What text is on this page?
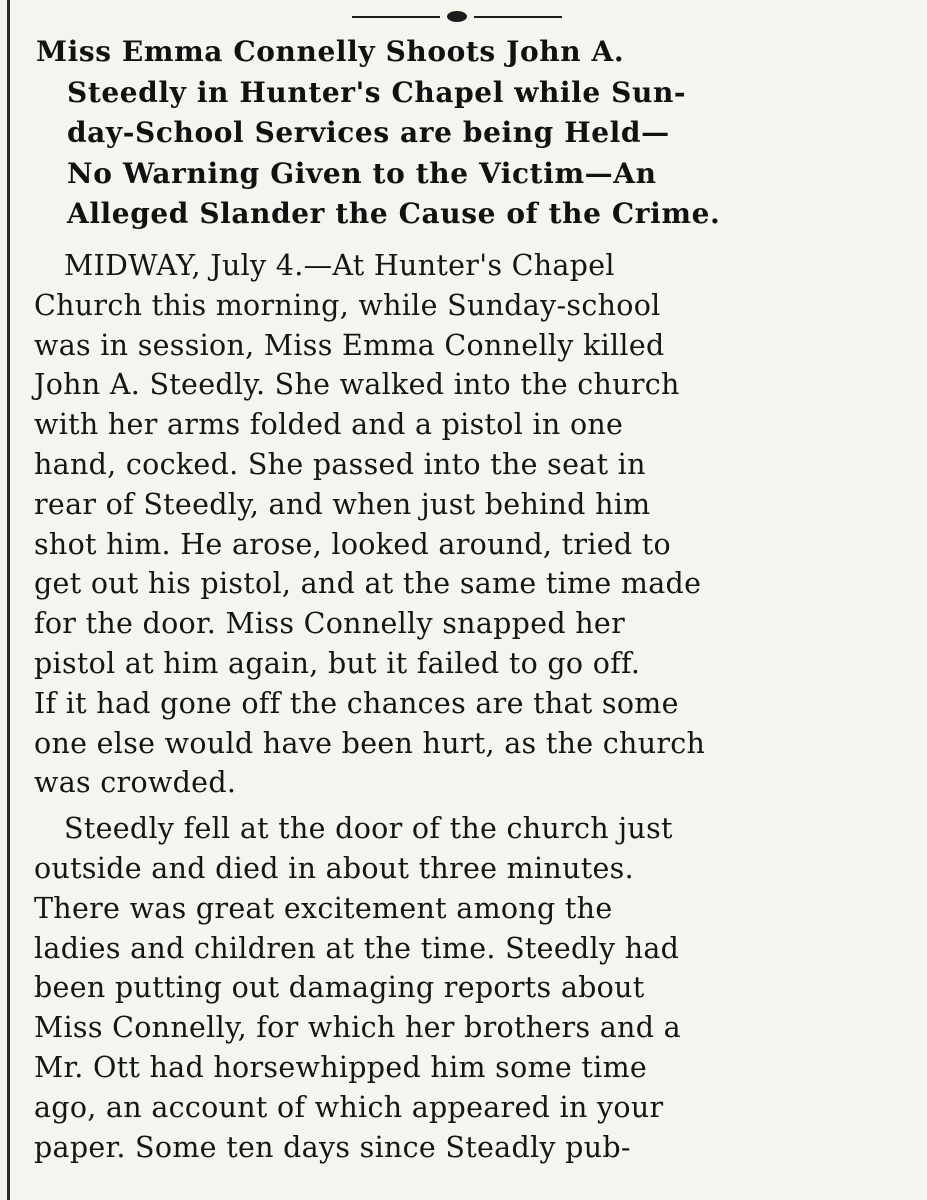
Miss Emma Connelly Shoots John A.
Steedly in Hunter's Chapel while Sun-
day-School Services are being Held—
No Warning Given to the Victim—An
Alleged Slander the Cause of the Crime.
MIDWAY, July 4.—At Hunter's Chapel
Church this morning, while Sunday-school
was in session, Miss Emma Connelly killed
John A. Steedly. She walked into the church
with her arms folded and a pistol in one
hand, cocked. She passed into the seat in
rear of Steedly, and when just behind him
shot him. He arose, looked around, tried to
get out his pistol, and at the same time made
for the door. Miss Connelly snapped her
pistol at him again, but it failed to go off.
If it had gone off the chances are that some
one else would have been hurt, as the church
was crowded.
Steedly fell at the door of the church just
outside and died in about three minutes.
There was great excitement among the
ladies and children at the time. Steedly had
been putting out damaging reports about
Miss Connelly, for which her brothers and a
Mr. Ott had horsewhipped him some time
ago, an account of which appeared in your
paper. Some ten days since Steadly pub-
